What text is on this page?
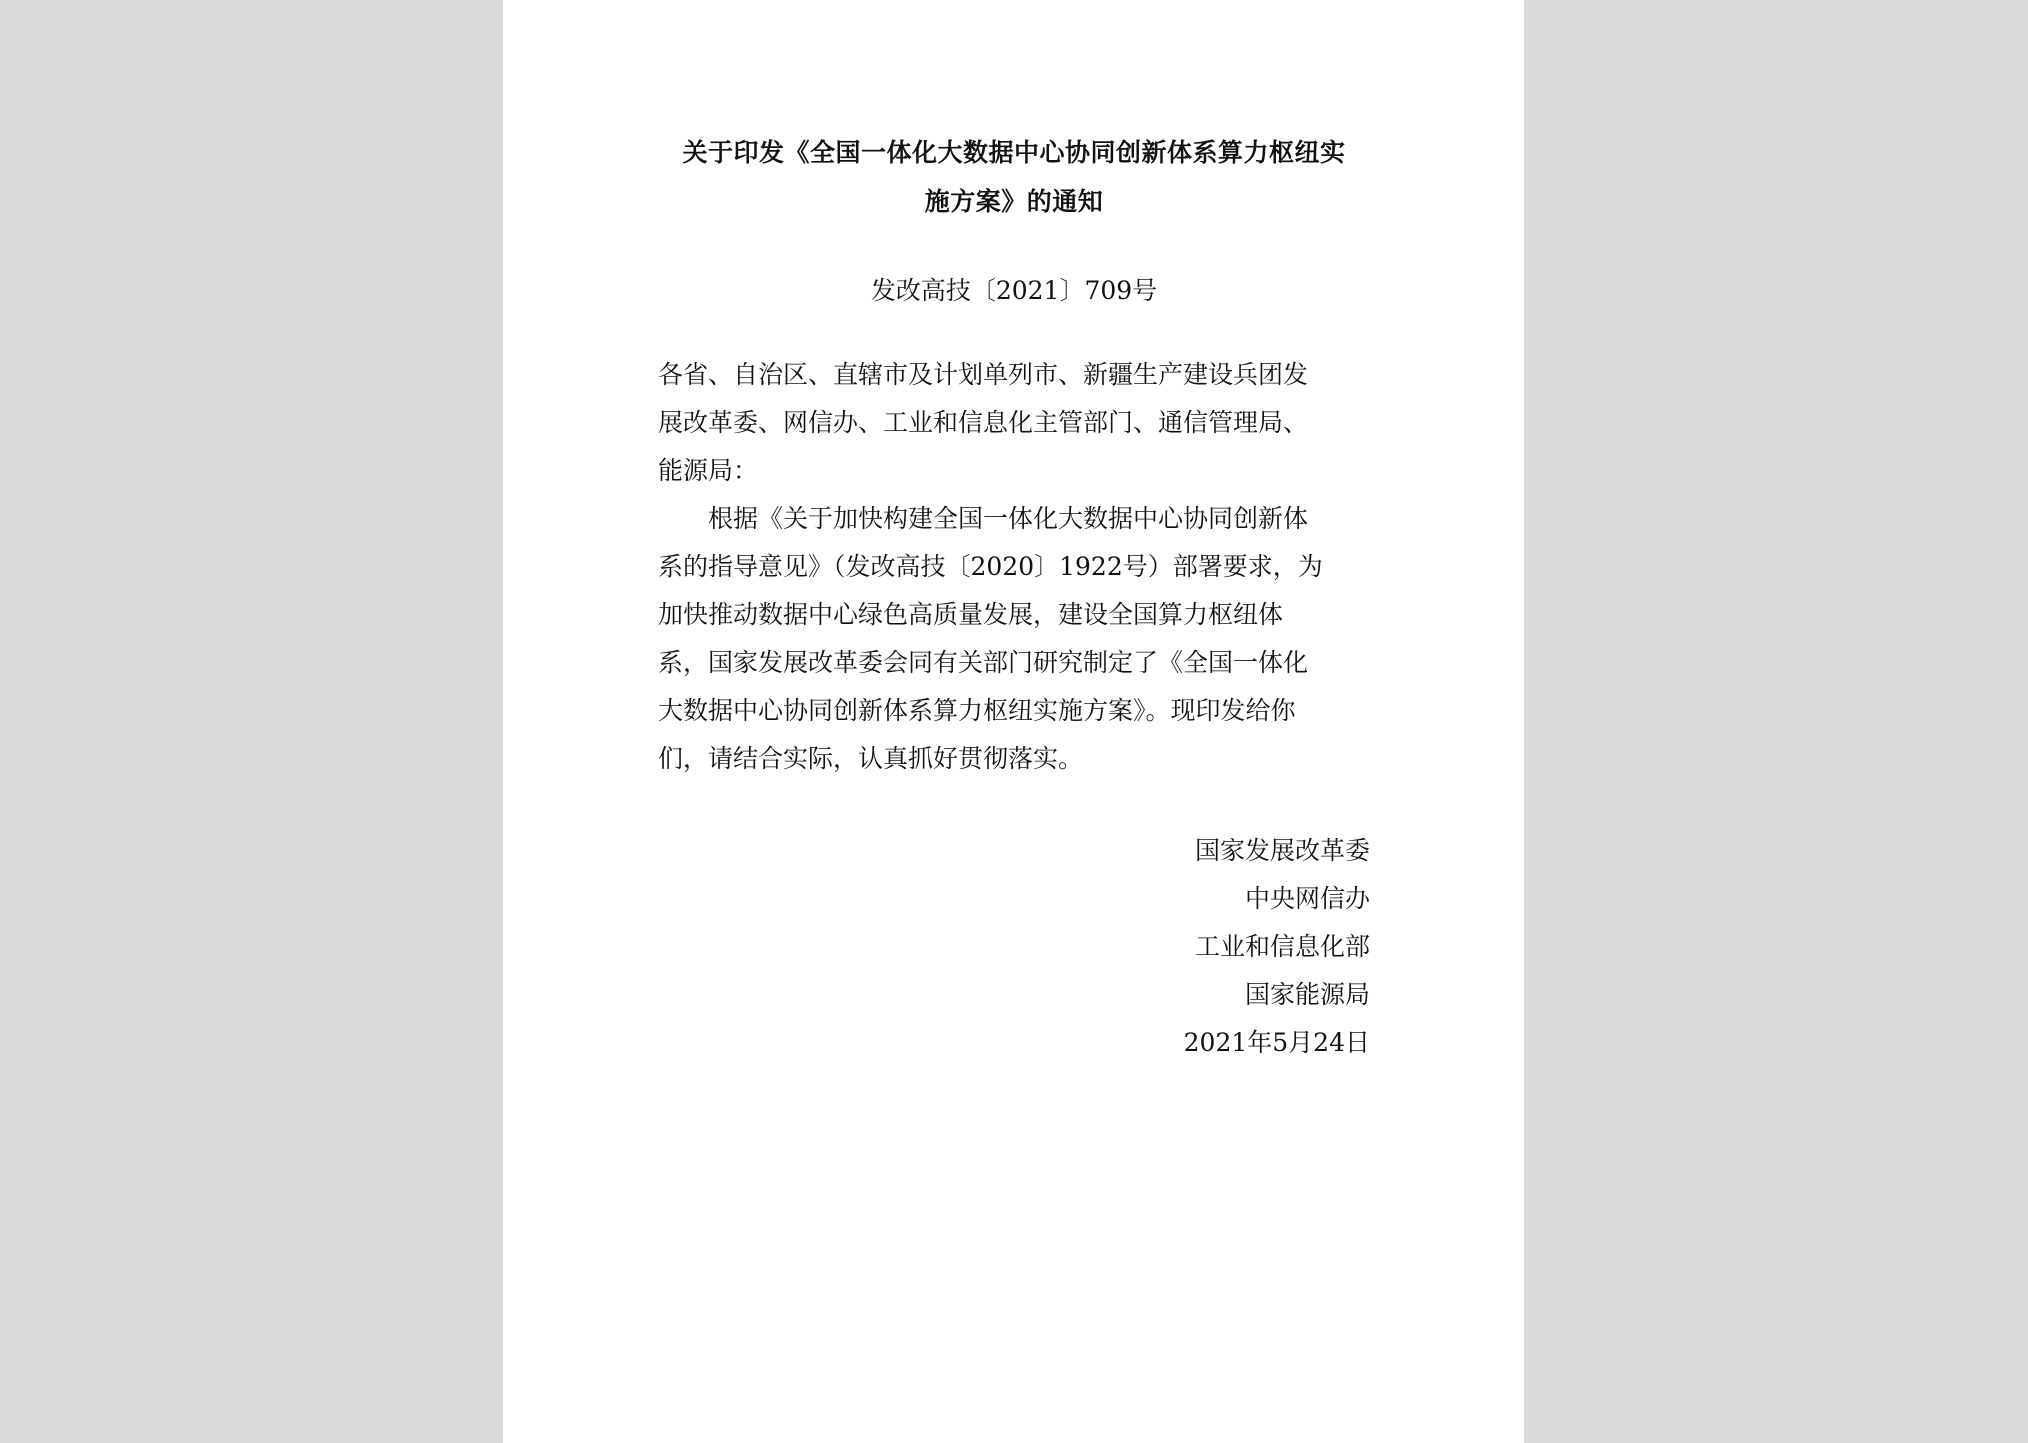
关于印发《全国一体化大数据中心协同创新体系算力枢纽实
施方案》的通知
发改高技〔2021〕709号
各省、自治区、直辖市及计划单列市、新疆生产建设兵团发
展改革委、网信办、工业和信息化主管部门、通信管理局、
能源局：
　　根据《关于加快构建全国一体化大数据中心协同创新体
系的指导意见》（发改高技〔2020〕1922号）部署要求，为
加快推动数据中心绿色高质量发展，建设全国算力枢纽体
系，国家发展改革委会同有关部门研究制定了《全国一体化
大数据中心协同创新体系算力枢纽实施方案》。现印发给你
们，请结合实际，认真抓好贯彻落实。
国家发展改革委
中央网信办
工业和信息化部
国家能源局
2021年5月24日
